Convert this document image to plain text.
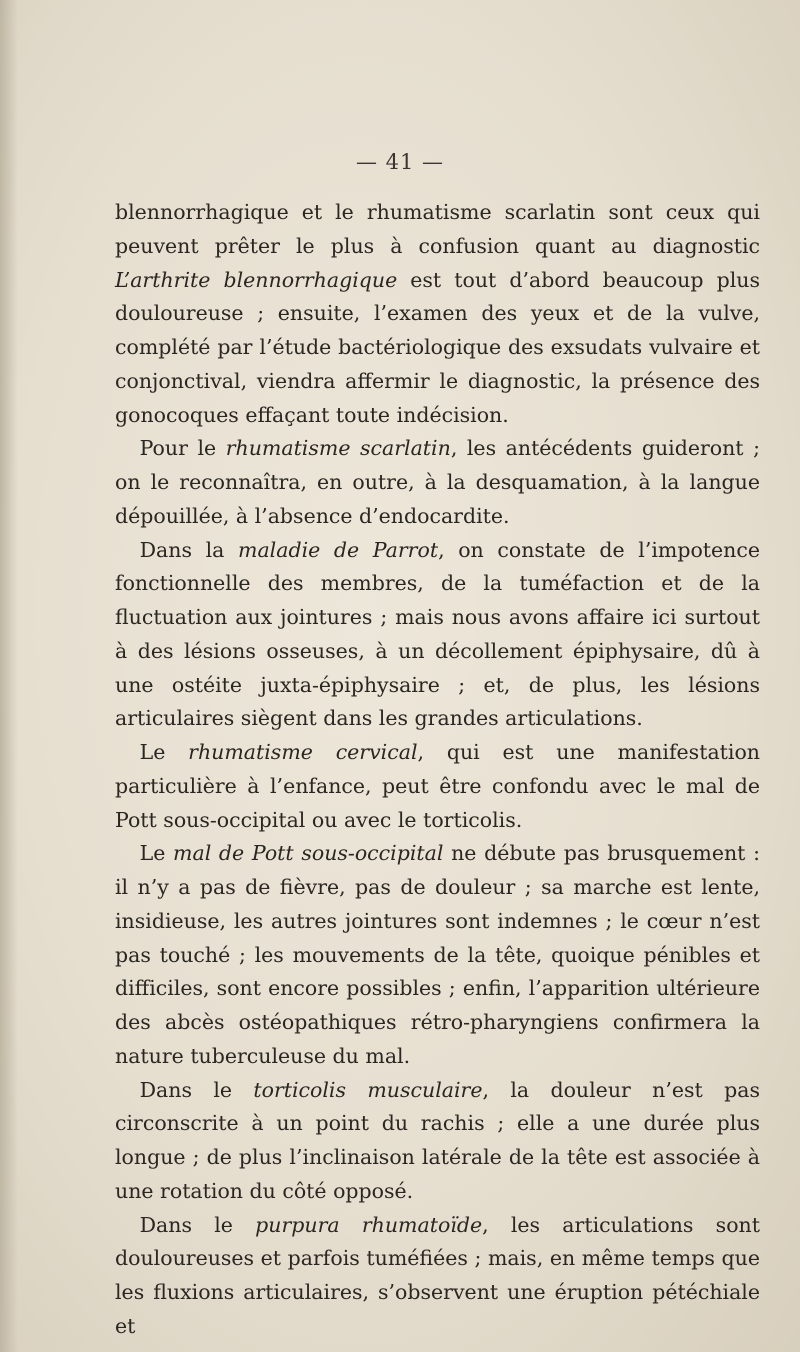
— 41 —

blennorrhagique et le rhumatisme scarlatin sont ceux qui peuvent prêter le plus à confusion quant au diagnostic L’arthrite blennorrhagique est tout d’abord beaucoup plus douloureuse ; ensuite, l’examen des yeux et de la vulve, complété par l’étude bactériologique des exsudats vulvaire et conjonctival, viendra affermir le diagnostic, la présence des gonocoques effaçant toute indécision.

Pour le rhumatisme scarlatin, les antécédents guideront ; on le reconnaîtra, en outre, à la desquamation, à la langue dépouillée, à l’absence d’endocardite.

Dans la maladie de Parrot, on constate de l’impotence fonctionnelle des membres, de la tuméfaction et de la fluctuation aux jointures ; mais nous avons affaire ici surtout à des lésions osseuses, à un décollement épiphysaire, dû à une ostéite juxta-épiphysaire ; et, de plus, les lésions articulaires siègent dans les grandes articulations.

Le rhumatisme cervical, qui est une manifestation particulière à l’enfance, peut être confondu avec le mal de Pott sous-occipital ou avec le torticolis.

Le mal de Pott sous-occipital ne débute pas brusquement : il n’y a pas de fièvre, pas de douleur ; sa marche est lente, insidieuse, les autres jointures sont indemnes ; le cœur n’est pas touché ; les mouvements de la tête, quoique pénibles et difficiles, sont encore possibles ; enfin, l’apparition ultérieure des abcès ostéopathiques rétro-pharyngiens confirmera la nature tuberculeuse du mal.

Dans le torticolis musculaire, la douleur n’est pas circonscrite à un point du rachis ; elle a une durée plus longue ; de plus l’inclinaison latérale de la tête est associée à une rotation du côté opposé.

Dans le purpura rhumatoïde, les articulations sont douloureuses et parfois tuméfiées ; mais, en même temps que les fluxions articulaires, s’observent une éruption pétéchiale et
